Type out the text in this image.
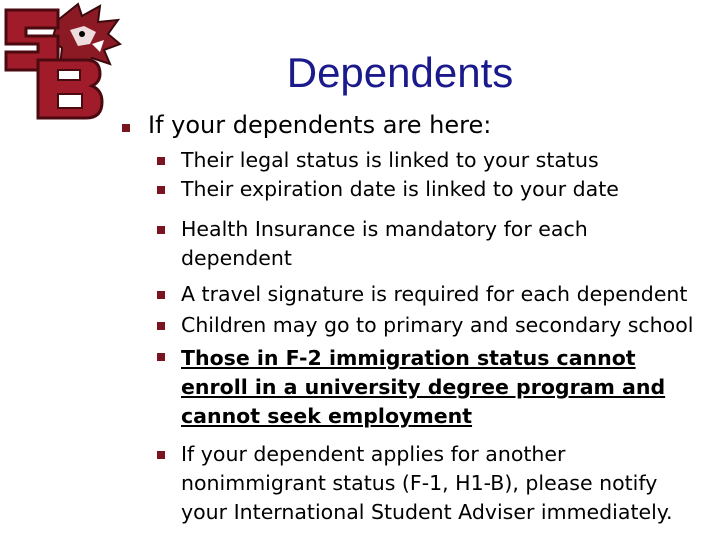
Dependents
If your dependents are here:
Their legal status is linked to your status
Their expiration date is linked to your date
Health Insurance is mandatory for each dependent
A travel signature is required for each dependent
Children may go to primary and secondary school
Those in F-2 immigration status cannot enroll in a university degree program and cannot seek employment
If your dependent applies for another nonimmigrant status (F-1, H1-B), please notify your International Student Adviser immediately.
